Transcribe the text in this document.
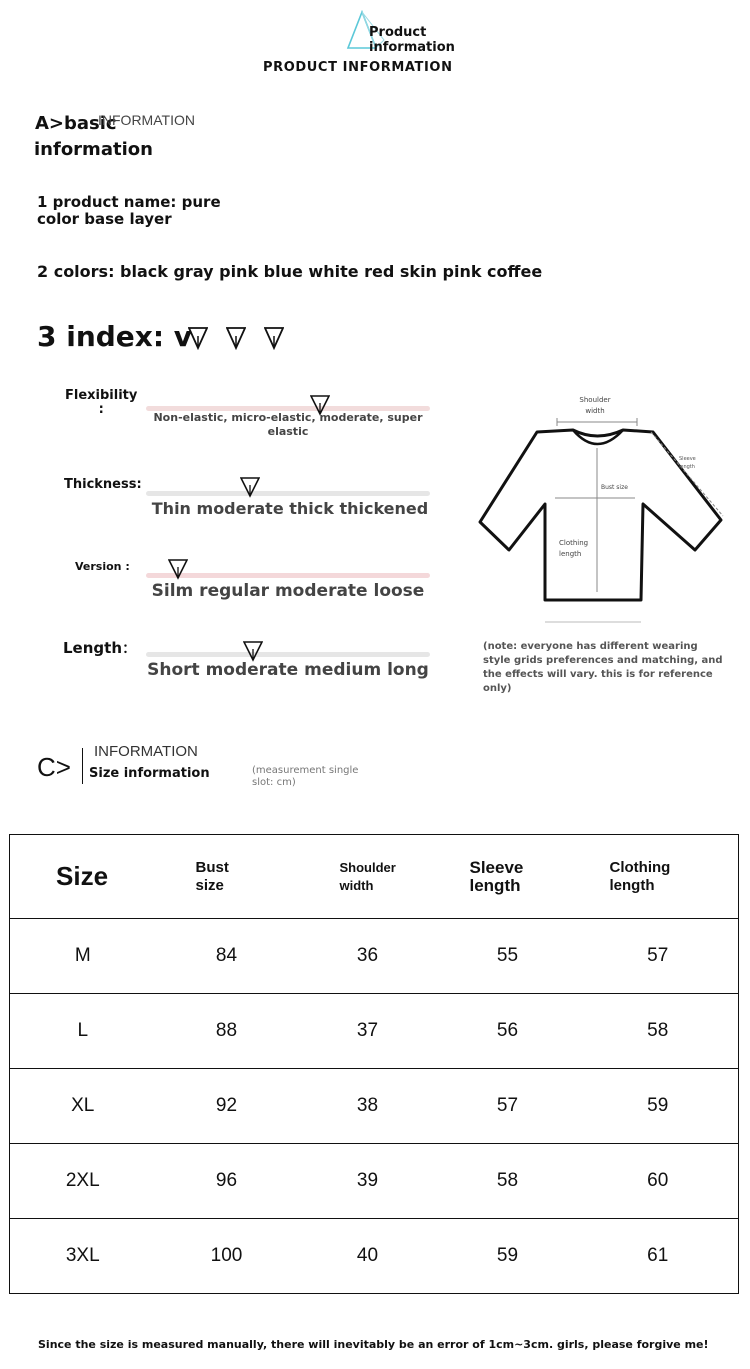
Product
information
PRODUCT INFORMATION
A>basic
INFORMATION
information
1 product name: pure color base layer
2 colors: black gray pink blue white red skin pink coffee
3 index: v
Flexibility
:
Non-elastic, micro-elastic, moderate, super elastic
Thickness:
Thin moderate thick thickened
Version :
Silm regular moderate loose
Length：
Short moderate medium long
Shoulder width
Sleeve length
Bust size
Clothing length
(note: everyone has different wearing style grids preferences and matching, and the effects will vary. this is for reference only)
C>
INFORMATION
Size information	(measurement single slot: cm)
Size	Bust size	Shoulder width	Sleeve length	Clothing length
M	84	36	55	57
L	88	37	56	58
XL	92	38	57	59
2XL	96	39	58	60
3XL	100	40	59	61
Since the size is measured manually, there will inevitably be an error of 1cm~3cm. girls, please forgive me!
